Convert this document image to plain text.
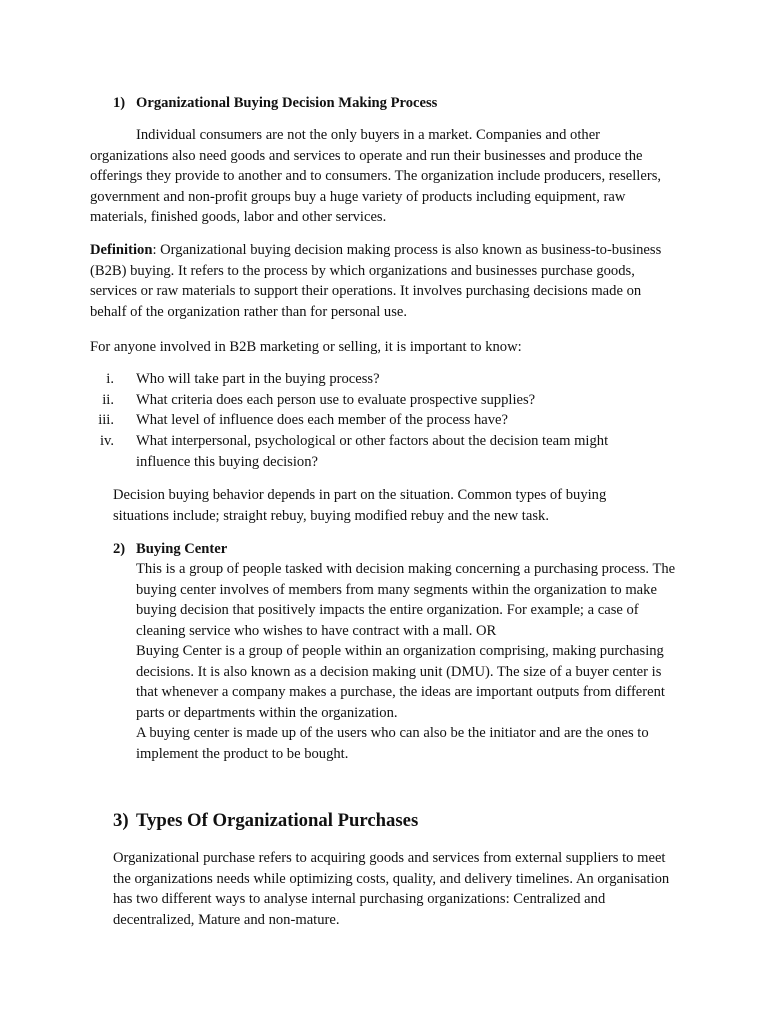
1) Organizational Buying Decision Making Process
Individual consumers are not the only buyers in a market. Companies and other organizations also need goods and services to operate and run their businesses and produce the offerings they provide to another and to consumers. The organization include producers, resellers, government and non-profit groups buy a huge variety of products including equipment, raw materials, finished goods, labor and other services.
Definition: Organizational buying decision making process is also known as business-to-business (B2B) buying. It refers to the process by which organizations and businesses purchase goods, services or raw materials to support their operations. It involves purchasing decisions made on behalf of the organization rather than for personal use.
For anyone involved in B2B marketing or selling, it is important to know:
i. Who will take part in the buying process?
ii. What criteria does each person use to evaluate prospective supplies?
iii. What level of influence does each member of the process have?
iv. What interpersonal, psychological or other factors about the decision team might influence this buying decision?
Decision buying behavior depends in part on the situation. Common types of buying situations include; straight rebuy, buying modified rebuy and the new task.
2) Buying Center
This is a group of people tasked with decision making concerning a purchasing process. The buying center involves of members from many segments within the organization to make buying decision that positively impacts the entire organization. For example; a case of cleaning service who wishes to have contract with a mall. OR
Buying Center is a group of people within an organization comprising, making purchasing decisions. It is also known as a decision making unit (DMU). The size of a buyer center is that whenever a company makes a purchase, the ideas are important outputs from different parts or departments within the organization.
A buying center is made up of the users who can also be the initiator and are the ones to implement the product to be bought.
3) Types Of Organizational Purchases
Organizational purchase refers to acquiring goods and services from external suppliers to meet the organizations needs while optimizing costs, quality, and delivery timelines. An organisation has two different ways to analyse internal purchasing organizations: Centralized and decentralized, Mature and non-mature.
